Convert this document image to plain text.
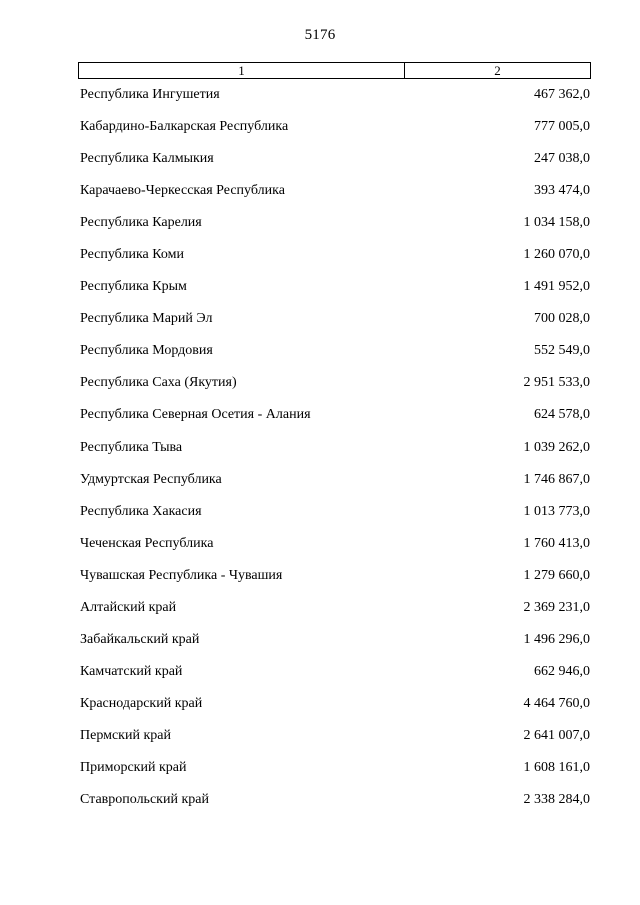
5176
1	2
Республика Ингушетия	467 362,0
Кабардино-Балкарская Республика	777 005,0
Республика Калмыкия	247 038,0
Карачаево-Черкесская Республика	393 474,0
Республика Карелия	1 034 158,0
Республика Коми	1 260 070,0
Республика Крым	1 491 952,0
Республика Марий Эл	700 028,0
Республика Мордовия	552 549,0
Республика Саха (Якутия)	2 951 533,0
Республика Северная Осетия - Алания	624 578,0
Республика Тыва	1 039 262,0
Удмуртская Республика	1 746 867,0
Республика Хакасия	1 013 773,0
Чеченская Республика	1 760 413,0
Чувашская Республика - Чувашия	1 279 660,0
Алтайский край	2 369 231,0
Забайкальский край	1 496 296,0
Камчатский край	662 946,0
Краснодарский край	4 464 760,0
Пермский край	2 641 007,0
Приморский край	1 608 161,0
Ставропольский край	2 338 284,0
